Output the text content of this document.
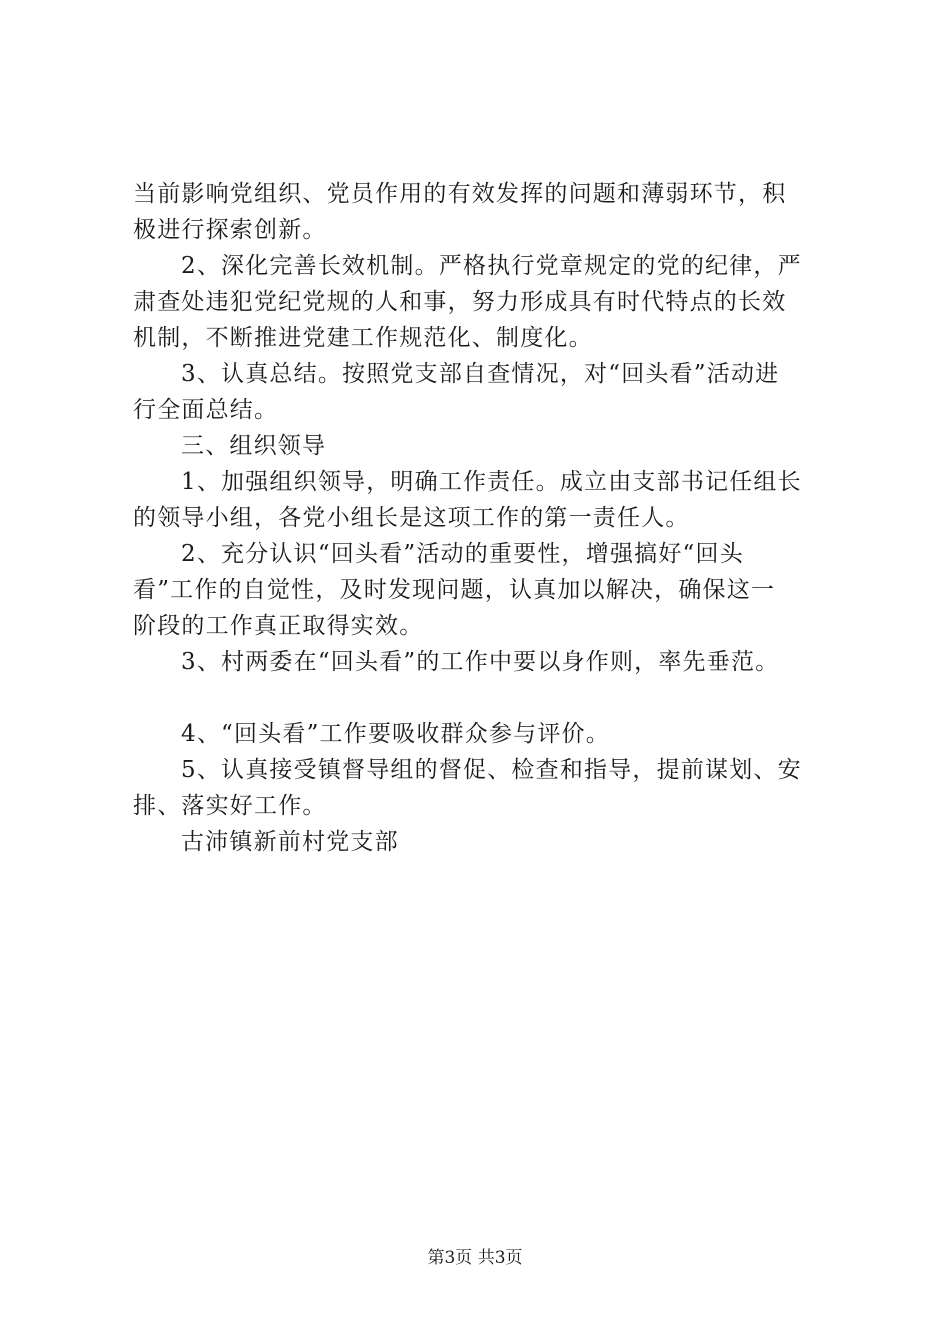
当前影响党组织、党员作用的有效发挥的问题和薄弱环节，积
极进行探索创新。
2、深化完善长效机制。严格执行党章规定的党的纪律，严
肃查处违犯党纪党规的人和事，努力形成具有时代特点的长效
机制，不断推进党建工作规范化、制度化。
3、认真总结。按照党支部自查情况，对“回头看”活动进
行全面总结。
三、组织领导
1、加强组织领导，明确工作责任。成立由支部书记任组长
的领导小组，各党小组长是这项工作的第一责任人。
2、充分认识“回头看”活动的重要性，增强搞好“回头
看”工作的自觉性，及时发现问题，认真加以解决，确保这一
阶段的工作真正取得实效。
3、村两委在“回头看”的工作中要以身作则，率先垂范。
4、“回头看”工作要吸收群众参与评价。
5、认真接受镇督导组的督促、检查和指导，提前谋划、安
排、落实好工作。
古沛镇新前村党支部
第3页 共3页
